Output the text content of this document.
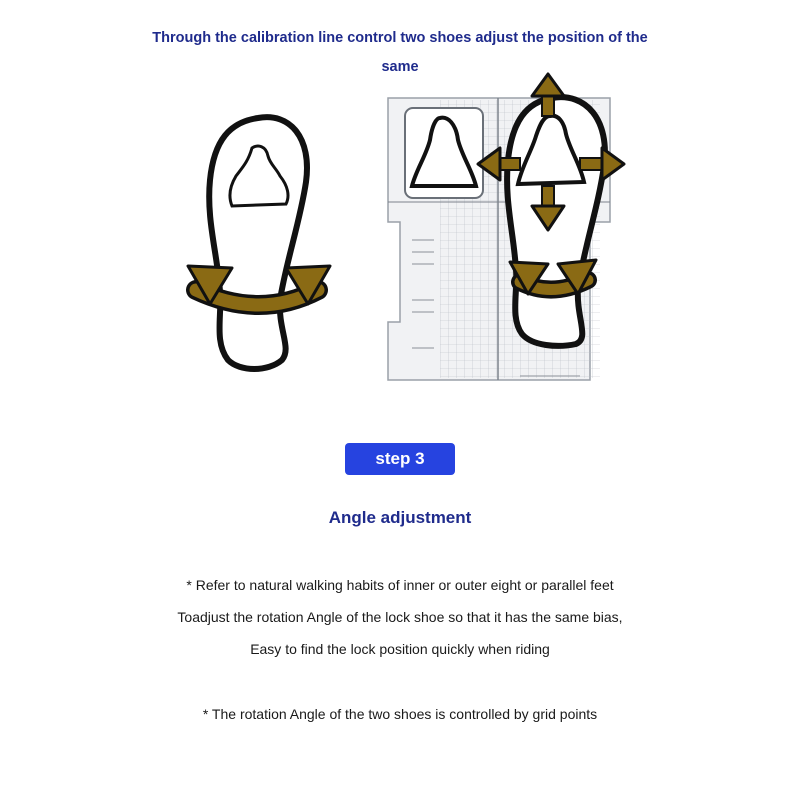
Through the calibration line control two shoes adjust the position of the same

step 3

Angle adjustment

* Refer to natural walking habits of inner or outer eight or parallel feet

Toadjust the rotation Angle of the lock shoe so that it has the same bias,

Easy to find the lock position quickly when riding

* The rotation Angle of the two shoes is controlled by grid points
